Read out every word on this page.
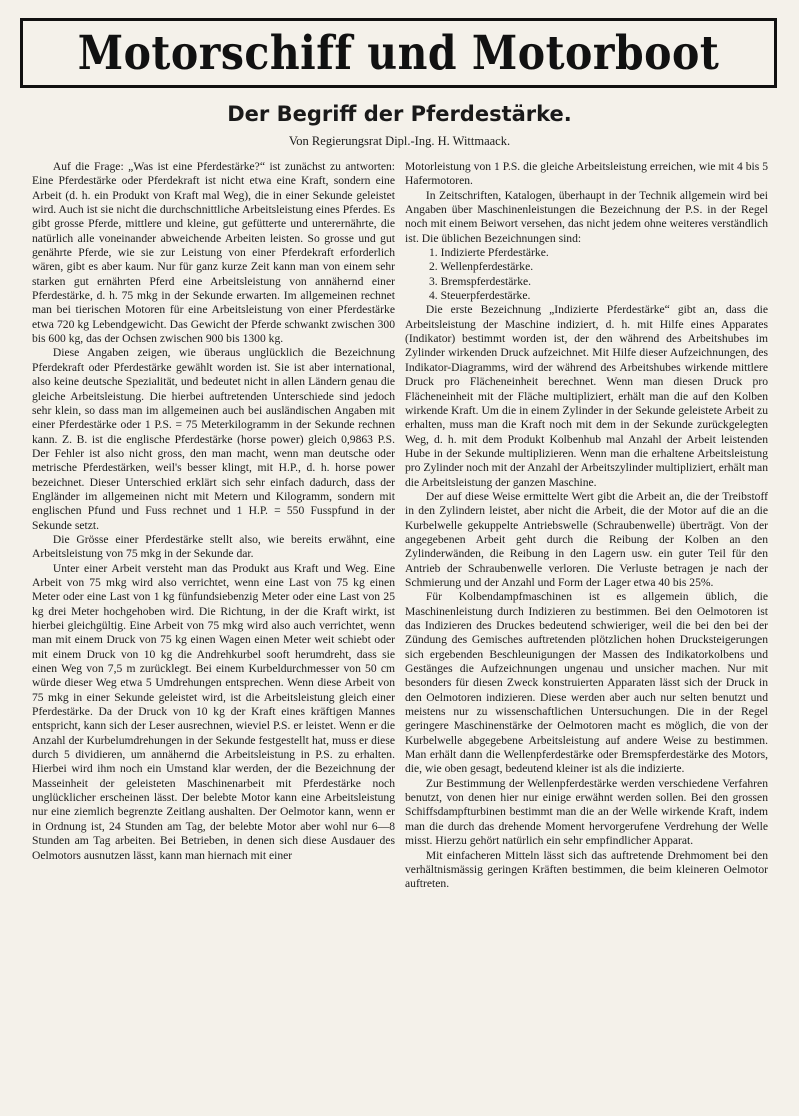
Motorschiff und Motorboot
Der Begriff der Pferdestärke.

Von Regierungsrat Dipl.-Ing. H. Wittmaack.

Auf die Frage: „Was ist eine Pferdestärke?“ ist zunächst zu antworten: Eine Pferdestärke oder Pferdekraft ist nicht etwa eine Kraft, sondern eine Arbeit (d. h. ein Produkt von Kraft mal Weg), die in einer Sekunde geleistet wird. Auch ist sie nicht die durchschnittliche Arbeitsleistung eines Pferdes. Es gibt grosse Pferde, mittlere und kleine, gut gefütterte und unterernährte, die natürlich alle voneinander abweichende Arbeiten leisten. So grosse und gut genährte Pferde, wie sie zur Leistung von einer Pferdekraft erforderlich wären, gibt es aber kaum. Nur für ganz kurze Zeit kann man von einem sehr starken gut ernährten Pferd eine Arbeitsleistung von annähernd einer Pferdestärke, d. h. 75 mkg in der Sekunde erwarten. Im allgemeinen rechnet man bei tierischen Motoren für eine Arbeitsleistung von einer Pferdestärke etwa 720 kg Lebendgewicht. Das Gewicht der Pferde schwankt zwischen 300 bis 600 kg, das der Ochsen zwischen 900 bis 1300 kg.

Diese Angaben zeigen, wie überaus unglücklich die Bezeichnung Pferdekraft oder Pferdestärke gewählt worden ist. Sie ist aber international, also keine deutsche Spezialität, und bedeutet nicht in allen Ländern genau die gleiche Arbeitsleistung. Die hierbei auftretenden Unterschiede sind jedoch sehr klein, so dass man im allgemeinen auch bei ausländischen Angaben mit einer Pferdestärke oder 1 P.S. = 75 Meterkilogramm in der Sekunde rechnen kann. Z. B. ist die englische Pferdestärke (horse power) gleich 0,9863 P.S. Der Fehler ist also nicht gross, den man macht, wenn man deutsche oder metrische Pferdestärken, weil's besser klingt, mit H.P., d. h. horse power bezeichnet. Dieser Unterschied erklärt sich sehr einfach dadurch, dass der Engländer im allgemeinen nicht mit Metern und Kilogramm, sondern mit englischen Pfund und Fuss rechnet und 1 H.P. = 550 Fusspfund in der Sekunde setzt.

Die Grösse einer Pferdestärke stellt also, wie bereits erwähnt, eine Arbeitsleistung von 75 mkg in der Sekunde dar.

Unter einer Arbeit versteht man das Produkt aus Kraft und Weg. Eine Arbeit von 75 mkg wird also verrichtet, wenn eine Last von 75 kg einen Meter oder eine Last von 1 kg fünfundsiebenzig Meter oder eine Last von 25 kg drei Meter hochgehoben wird. Die Richtung, in der die Kraft wirkt, ist hierbei gleichgültig. Eine Arbeit von 75 mkg wird also auch verrichtet, wenn man mit einem Druck von 75 kg einen Wagen einen Meter weit schiebt oder mit einem Druck von 10 kg die Andrehkurbel sooft herumdreht, dass sie einen Weg von 7,5 m zurücklegt. Bei einem Kurbeldurchmesser von 50 cm würde dieser Weg etwa 5 Umdrehungen entsprechen. Wenn diese Arbeit von 75 mkg in einer Sekunde geleistet wird, ist die Arbeitsleistung gleich einer Pferdestärke. Da der Druck von 10 kg der Kraft eines kräftigen Mannes entspricht, kann sich der Leser ausrechnen, wieviel P.S. er leistet. Wenn er die Anzahl der Kurbelumdrehungen in der Sekunde festgestellt hat, muss er diese durch 5 dividieren, um annähernd die Arbeitsleistung in P.S. zu erhalten. Hierbei wird ihm noch ein Umstand klar werden, der die Bezeichnung der Masseinheit der geleisteten Maschinenarbeit mit Pferdestärke noch unglücklicher erscheinen lässt. Der belebte Motor kann eine Arbeitsleistung nur eine ziemlich begrenzte Zeitlang aushalten. Der Oelmotor kann, wenn er in Ordnung ist, 24 Stunden am Tag, der belebte Motor aber wohl nur 6—8 Stunden am Tag arbeiten. Bei Betrieben, in denen sich diese Ausdauer des Oelmotors ausnutzen lässt, kann man hiernach mit einer

Motorleistung von 1 P.S. die gleiche Arbeitsleistung erreichen, wie mit 4 bis 5 Hafermotoren.

In Zeitschriften, Katalogen, überhaupt in der Technik allgemein wird bei Angaben über Maschinenleistungen die Bezeichnung der P.S. in der Regel noch mit einem Beiwort versehen, das nicht jedem ohne weiteres verständlich ist. Die üblichen Bezeichnungen sind:

1. Indizierte Pferdestärke.
2. Wellenpferdestärke.
3. Bremspferdestärke.
4. Steuerpferdestärke.

Die erste Bezeichnung „Indizierte Pferdestärke“ gibt an, dass die Arbeitsleistung der Maschine indiziert, d. h. mit Hilfe eines Apparates (Indikator) bestimmt worden ist, der den während des Arbeitshubes im Zylinder wirkenden Druck aufzeichnet. Mit Hilfe dieser Aufzeichnungen, des Indikator-Diagramms, wird der während des Arbeitshubes wirkende mittlere Druck pro Flächeneinheit berechnet. Wenn man diesen Druck pro Flächeneinheit mit der Fläche multipliziert, erhält man die auf den Kolben wirkende Kraft. Um die in einem Zylinder in der Sekunde geleistete Arbeit zu erhalten, muss man die Kraft noch mit dem in der Sekunde zurückgelegten Weg, d. h. mit dem Produkt Kolbenhub mal Anzahl der Arbeit leistenden Hube in der Sekunde multiplizieren. Wenn man die erhaltene Arbeitsleistung pro Zylinder noch mit der Anzahl der Arbeitszylinder multipliziert, erhält man die Arbeitsleistung der ganzen Maschine.

Der auf diese Weise ermittelte Wert gibt die Arbeit an, die der Treibstoff in den Zylindern leistet, aber nicht die Arbeit, die der Motor auf die an die Kurbelwelle gekuppelte Antriebswelle (Schraubenwelle) überträgt. Von der angegebenen Arbeit geht durch die Reibung der Kolben an den Zylinderwänden, die Reibung in den Lagern usw. ein guter Teil für den Antrieb der Schraubenwelle verloren. Die Verluste betragen je nach der Schmierung und der Anzahl und Form der Lager etwa 40 bis 25%.

Für Kolbendampfmaschinen ist es allgemein üblich, die Maschinenleistung durch Indizieren zu bestimmen. Bei den Oelmotoren ist das Indizieren des Druckes bedeutend schwieriger, weil die bei den bei der Zündung des Gemisches auftretenden plötzlichen hohen Drucksteigerungen sich ergebenden Beschleunigungen der Massen des Indikatorkolbens und Gestänges die Aufzeichnungen ungenau und unsicher machen. Nur mit besonders für diesen Zweck konstruierten Apparaten lässt sich der Druck in den Oelmotoren indizieren. Diese werden aber auch nur selten benutzt und meistens nur zu wissenschaftlichen Untersuchungen. Die in der Regel geringere Maschinenstärke der Oelmotoren macht es möglich, die von der Kurbelwelle abgegebene Arbeitsleistung auf andere Weise zu bestimmen. Man erhält dann die Wellenpferdestärke oder Bremspferdestärke des Motors, die, wie oben gesagt, bedeutend kleiner ist als die indizierte.

Zur Bestimmung der Wellenpferdestärke werden verschiedene Verfahren benutzt, von denen hier nur einige erwähnt werden sollen. Bei den grossen Schiffsdampfturbinen bestimmt man die an der Welle wirkende Kraft, indem man die durch das drehende Moment hervorgerufene Verdrehung der Welle misst. Hierzu gehört natürlich ein sehr empfindlicher Apparat.

Mit einfacheren Mitteln lässt sich das auftretende Drehmoment bei den verhältnismässig geringen Kräften bestimmen, die beim kleineren Oelmotor auftreten.
